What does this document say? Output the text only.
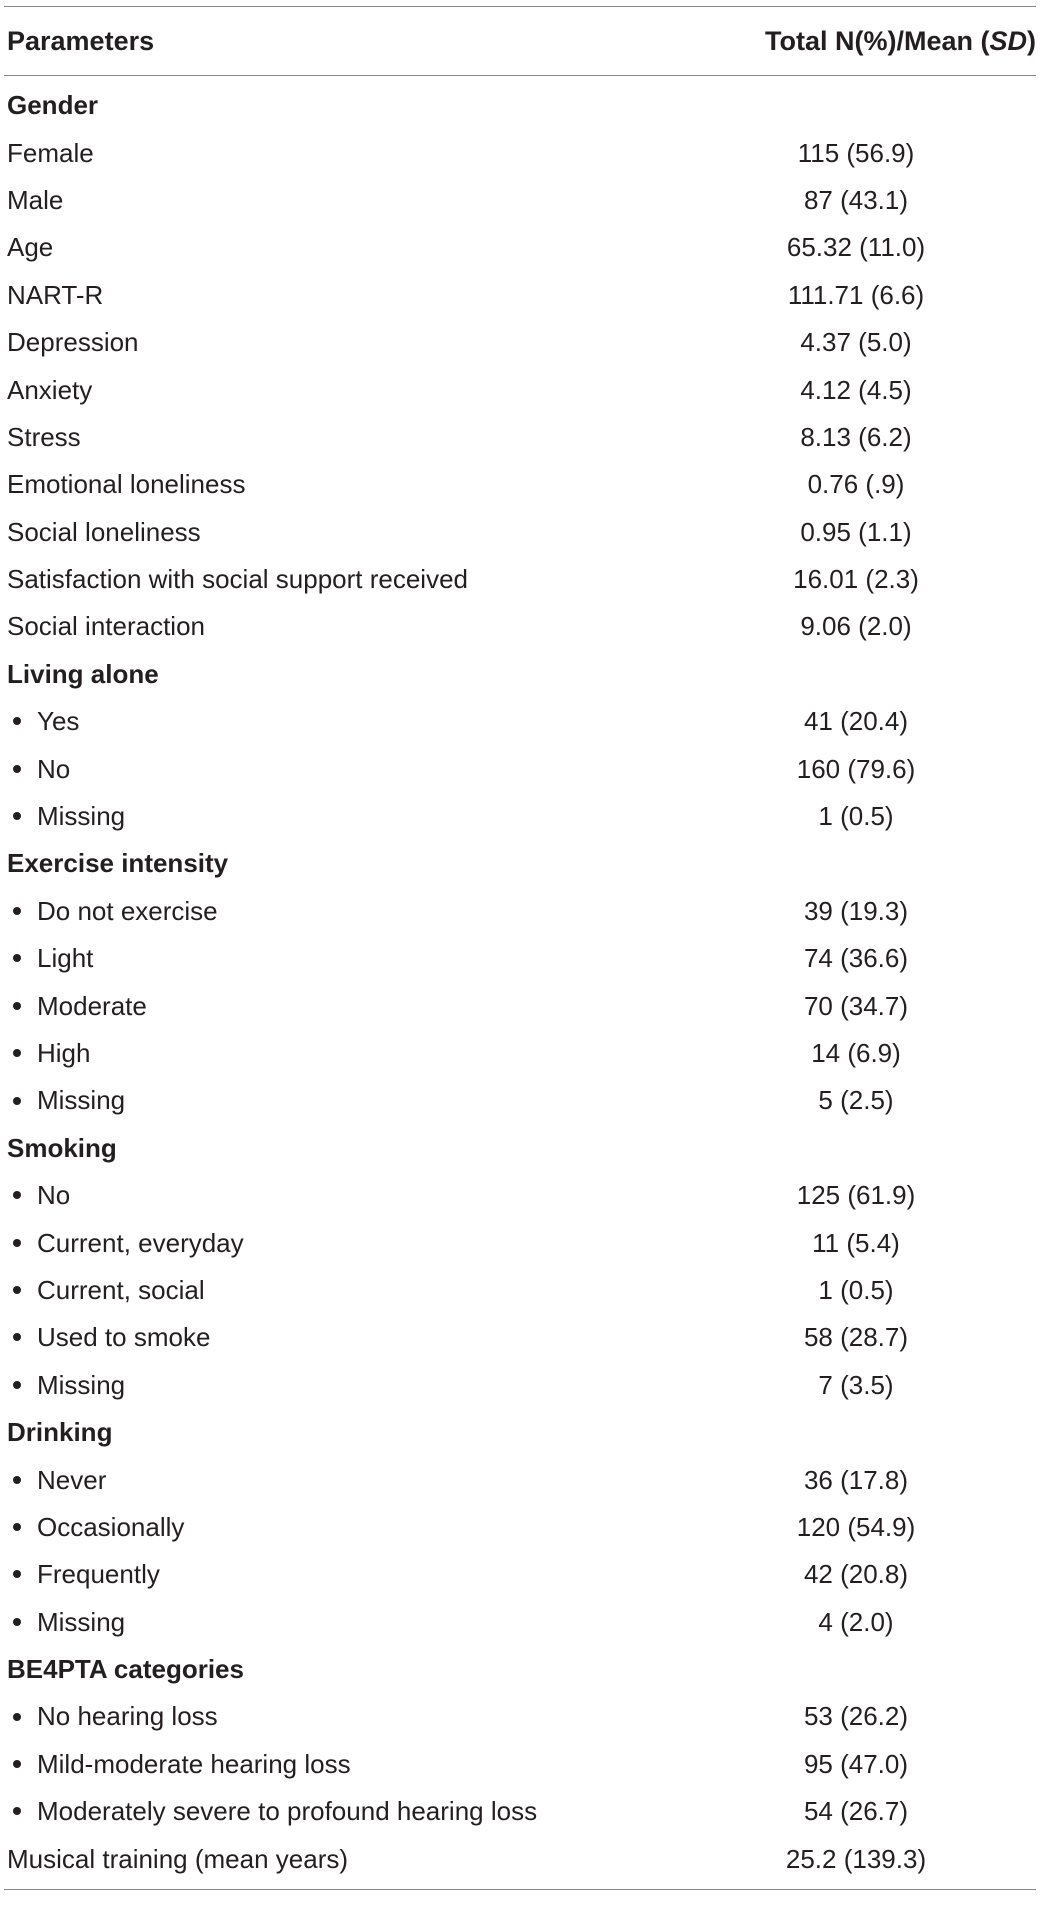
Parameters	Total N(%)/Mean (SD)
Gender
Female	115 (56.9)
Male	87 (43.1)
Age	65.32 (11.0)
NART-R	111.71 (6.6)
Depression	4.37 (5.0)
Anxiety	4.12 (4.5)
Stress	8.13 (6.2)
Emotional loneliness	0.76 (.9)
Social loneliness	0.95 (1.1)
Satisfaction with social support received	16.01 (2.3)
Social interaction	9.06 (2.0)
Living alone
Yes	41 (20.4)
No	160 (79.6)
Missing	1 (0.5)
Exercise intensity
Do not exercise	39 (19.3)
Light	74 (36.6)
Moderate	70 (34.7)
High	14 (6.9)
Missing	5 (2.5)
Smoking
No	125 (61.9)
Current, everyday	11 (5.4)
Current, social	1 (0.5)
Used to smoke	58 (28.7)
Missing	7 (3.5)
Drinking
Never	36 (17.8)
Occasionally	120 (54.9)
Frequently	42 (20.8)
Missing	4 (2.0)
BE4PTA categories
No hearing loss	53 (26.2)
Mild-moderate hearing loss	95 (47.0)
Moderately severe to profound hearing loss	54 (26.7)
Musical training (mean years)	25.2 (139.3)
